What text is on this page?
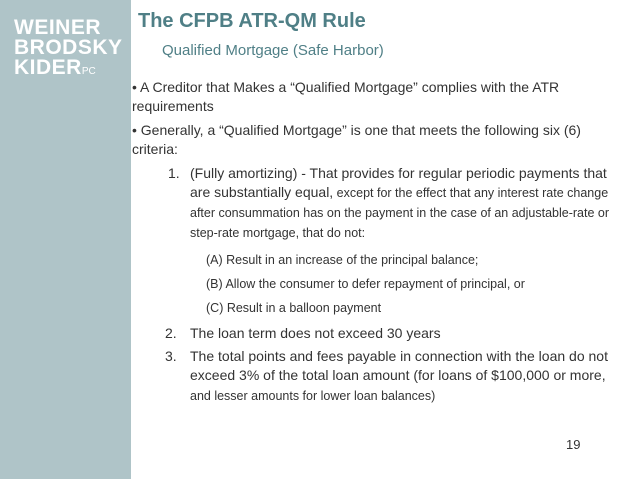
WEINER
BRODSKY
KIDERPC
The CFPB ATR-QM Rule
Qualified Mortgage (Safe Harbor)

• A Creditor that Makes a “Qualified Mortgage” complies with the ATR requirements

• Generally, a “Qualified Mortgage” is one that meets the following six (6) criteria:

1. (Fully amortizing) - That provides for regular periodic payments that are substantially equal, except for the effect that any interest rate change after consummation has on the payment in the case of an adjustable-rate or step-rate mortgage, that do not:
(A) Result in an increase of the principal balance;
(B) Allow the consumer to defer repayment of principal, or
(C) Result in a balloon payment
2. The loan term does not exceed 30 years
3. The total points and fees payable in connection with the loan do not exceed 3% of the total loan amount (for loans of $100,000 or more, and lesser amounts for lower loan balances)
19
